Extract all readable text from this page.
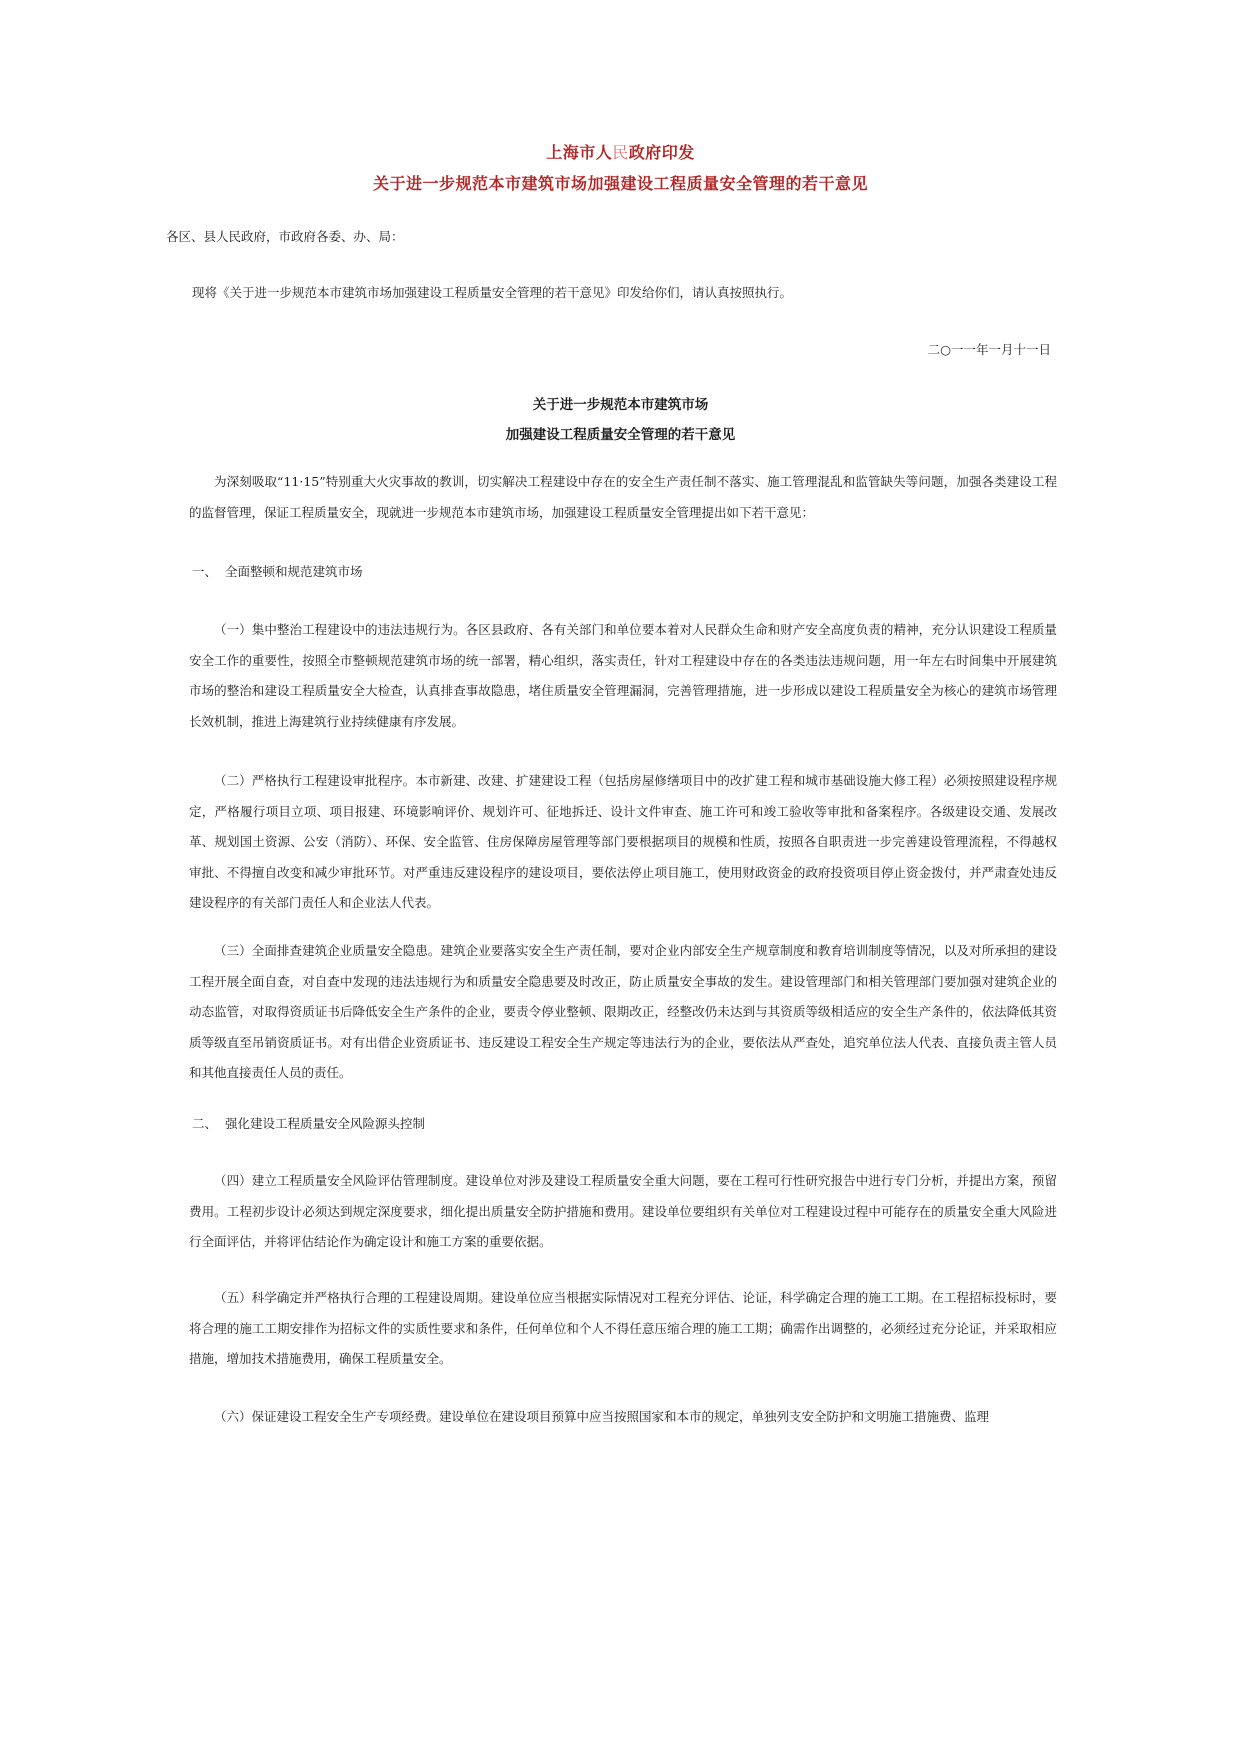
上海市人民政府印发
关于进一步规范本市建筑市场加强建设工程质量安全管理的若干意见
各区、县人民政府，市政府各委、办、局：
现将《关于进一步规范本市建筑市场加强建设工程质量安全管理的若干意见》印发给你们，请认真按照执行。
二○一一年一月十一日
关于进一步规范本市建筑市场
加强建设工程质量安全管理的若干意见

为深刻吸取“11·15”特别重大火灾事故的教训，切实解决工程建设中存在的安全生产责任制不落实、施工管理混乱和监管缺失等问题，加强各类建设工程的监督管理，保证工程质量安全，现就进一步规范本市建筑市场，加强建设工程质量安全管理提出如下若干意见：

一、  全面整顿和规范建筑市场

（一）集中整治工程建设中的违法违规行为。各区县政府、各有关部门和单位要本着对人民群众生命和财产安全高度负责的精神，充分认识建设工程质量安全工作的重要性，按照全市整顿规范建筑市场的统一部署，精心组织，落实责任，针对工程建设中存在的各类违法违规问题，用一年左右时间集中开展建筑市场的整治和建设工程质量安全大检查，认真排查事故隐患，堵住质量安全管理漏洞，完善管理措施，进一步形成以建设工程质量安全为核心的建筑市场管理长效机制，推进上海建筑行业持续健康有序发展。

（二）严格执行工程建设审批程序。本市新建、改建、扩建建设工程（包括房屋修缮项目中的改扩建工程和城市基础设施大修工程）必须按照建设程序规定，严格履行项目立项、项目报建、环境影响评价、规划许可、征地拆迁、设计文件审查、施工许可和竣工验收等审批和备案程序。各级建设交通、发展改革、规划国土资源、公安（消防）、环保、安全监管、住房保障房屋管理等部门要根据项目的规模和性质，按照各自职责进一步完善建设管理流程，不得越权审批、不得擅自改变和减少审批环节。对严重违反建设程序的建设项目，要依法停止项目施工，使用财政资金的政府投资项目停止资金拨付，并严肃查处违反建设程序的有关部门责任人和企业法人代表。

（三）全面排查建筑企业质量安全隐患。建筑企业要落实安全生产责任制，要对企业内部安全生产规章制度和教育培训制度等情况，以及对所承担的建设工程开展全面自查，对自查中发现的违法违规行为和质量安全隐患要及时改正，防止质量安全事故的发生。建设管理部门和相关管理部门要加强对建筑企业的动态监管，对取得资质证书后降低安全生产条件的企业，要责令停业整顿、限期改正，经整改仍未达到与其资质等级相适应的安全生产条件的，依法降低其资质等级直至吊销资质证书。对有出借企业资质证书、违反建设工程安全生产规定等违法行为的企业，要依法从严查处，追究单位法人代表、直接负责主管人员和其他直接责任人员的责任。

二、  强化建设工程质量安全风险源头控制

（四）建立工程质量安全风险评估管理制度。建设单位对涉及建设工程质量安全重大问题，要在工程可行性研究报告中进行专门分析，并提出方案，预留费用。工程初步设计必须达到规定深度要求，细化提出质量安全防护措施和费用。建设单位要组织有关单位对工程建设过程中可能存在的质量安全重大风险进行全面评估，并将评估结论作为确定设计和施工方案的重要依据。

（五）科学确定并严格执行合理的工程建设周期。建设单位应当根据实际情况对工程充分评估、论证，科学确定合理的施工工期。在工程招标投标时，要将合理的施工工期安排作为招标文件的实质性要求和条件，任何单位和个人不得任意压缩合理的施工工期；确需作出调整的，必须经过充分论证，并采取相应措施，增加技术措施费用，确保工程质量安全。

（六）保证建设工程安全生产专项经费。建设单位在建设项目预算中应当按照国家和本市的规定，单独列支安全防护和文明施工措施费、监理
